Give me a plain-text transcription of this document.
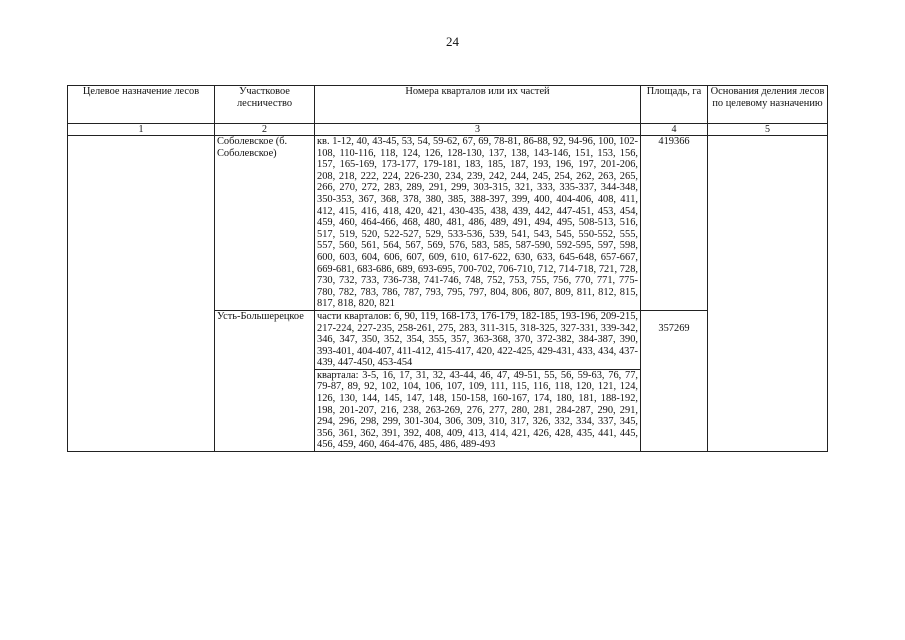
24
Целевое назначение лесов	Участковое лесничество	Номера кварталов или их частей	Площадь, га	Основания деления лесов по целевому назначению
1	2	3	4	5
	Соболевское (б. Соболевское)	кв. 1-12, 40, 43-45, 53, 54, 59-62, 67, 69, 78-81, 86-88, 92, 94-96, 100, 102-108, 110-116, 118, 124, 126, 128-130, 137, 138, 143-146, 151, 153, 156, 157, 165-169, 173-177, 179-181, 183, 185, 187, 193, 196, 197, 201-206, 208, 218, 222, 224, 226-230, 234, 239, 242, 244, 245, 254, 262, 263, 265, 266, 270, 272, 283, 289, 291, 299, 303-315, 321, 333, 335-337, 344-348, 350-353, 367, 368, 378, 380, 385, 388-397, 399, 400, 404-406, 408, 411, 412, 415, 416, 418, 420, 421, 430-435, 438, 439, 442, 447-451, 453, 454, 459, 460, 464-466, 468, 480, 481, 486, 489, 491, 494, 495, 508-513, 516, 517, 519, 520, 522-527, 529, 533-536, 539, 541, 543, 545, 550-552, 555, 557, 560, 561, 564, 567, 569, 576, 583, 585, 587-590, 592-595, 597, 598, 600, 603, 604, 606, 607, 609, 610, 617-622, 630, 633, 645-648, 657-667, 669-681, 683-686, 689, 693-695, 700-702, 706-710, 712, 714-718, 721, 728, 730, 732, 733, 736-738, 741-746, 748, 752, 753, 755, 756, 770, 771, 775-780, 782, 783, 786, 787, 793, 795, 797, 804, 806, 807, 809, 811, 812, 815, 817, 818, 820, 821	419366	
	Усть-Большерецкое	части кварталов: 6, 90, 119, 168-173, 176-179, 182-185, 193-196, 209-215, 217-224, 227-235, 258-261, 275, 283, 311-315, 318-325, 327-331, 339-342, 346, 347, 350, 352, 354, 355, 357, 363-368, 370, 372-382, 384-387, 390, 393-401, 404-407, 411-412, 415-417, 420, 422-425, 429-431, 433, 434, 437-439, 447-450, 453-454	357269	
		квартала: 3-5, 16, 17, 31, 32, 43-44, 46, 47, 49-51, 55, 56, 59-63, 76, 77, 79-87, 89, 92, 102, 104, 106, 107, 109, 111, 115, 116, 118, 120, 121, 124, 126, 130, 144, 145, 147, 148, 150-158, 160-167, 174, 180, 181, 188-192, 198, 201-207, 216, 238, 263-269, 276, 277, 280, 281, 284-287, 290, 291, 294, 296, 298, 299, 301-304, 306, 309, 310, 317, 326, 332, 334, 337, 345, 356, 361, 362, 391, 392, 408, 409, 413, 414, 421, 426, 428, 435, 441, 445, 456, 459, 460, 464-476, 485, 486, 489-493		
